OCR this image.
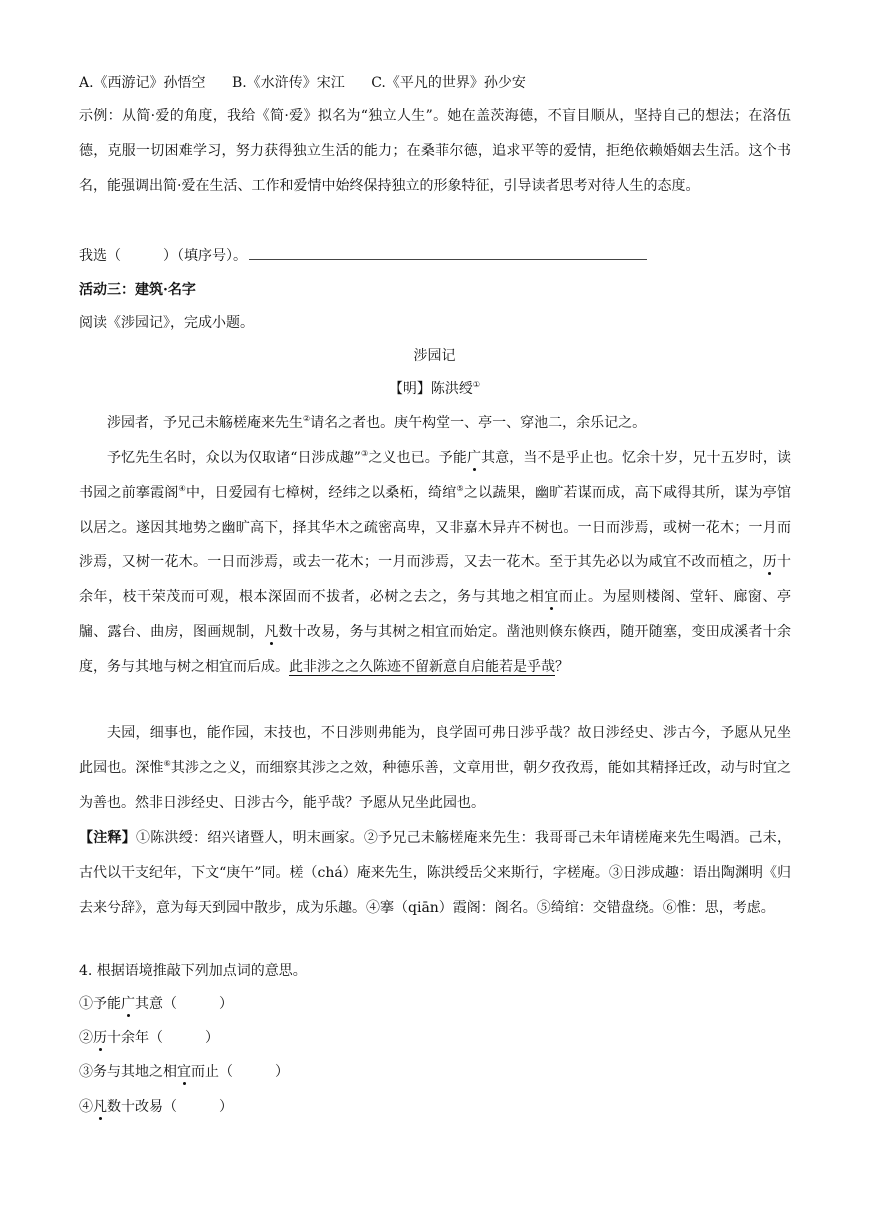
A.《西游记》孙悟空 B.《水浒传》宋江 C.《平凡的世界》孙少安
示例：从简·爱的角度，我给《简·爱》拟名为“独立人生”。她在盖茨海德，不盲目顺从，坚持自己的想法；在洛伍德，克服一切困难学习，努力获得独立生活的能力；在桑菲尔德，追求平等的爱情，拒绝依赖婚姻去生活。这个书名，能强调出简·爱在生活、工作和爱情中始终保持独立的形象特征，引导读者思考对待人生的态度。
我选（	）（填序号）。
活动三：建筑·名字
阅读《涉园记》，完成小题。
涉园记
【明】陈洪绶①
涉园者，予兄己未觞槎庵来先生②请名之者也。庚午构堂一、亭一、穿池二，余乐记之。
予忆先生名时，众以为仅取诸“日涉成趣”③之义也已。予能广其意，当不是乎止也。忆余十岁，兄十五岁时，读书园之前搴霞阁④中，日爱园有七樟树，经纬之以桑柘，绮绾⑤之以蔬果，幽旷若谋而成，高下咸得其所，谋为亭馆以居之。遂因其地势之幽旷高下，择其华木之疏密高卑，又非嘉木异卉不树也。一日而涉焉，或树一花木；一月而涉焉，又树一花木。一日而涉焉，或去一花木；一月而涉焉，又去一花木。至于其先必以为咸宜不改而植之，历十余年，枝干荣茂而可观，根本深固而不拔者，必树之去之，务与其地之相宜而止。为屋则楼阁、堂轩、廊窗、亭牖、露台、曲房，图画规制，凡数十改易，务与其树之相宜而始定。凿池则倏东倏西，随开随塞，变田成溪者十余度，务与其地与树之相宜而后成。此非涉之之久陈迹不留新意自启能若是乎哉？
夫园，细事也，能作园，末技也，不日涉则弗能为，良学固可弗日涉乎哉？故日涉经史、涉古今，予愿从兄坐此园也。深惟⑥其涉之之义，而细察其涉之之效，种德乐善，文章用世，朝夕孜孜焉，能如其精择迁改，动与时宜之为善也。然非日涉经史、日涉古今，能乎哉？予愿从兄坐此园也。
【注释】①陈洪绶：绍兴诸暨人，明末画家。②予兄己未觞槎庵来先生：我哥哥己未年请槎庵来先生喝酒。己未，古代以干支纪年，下文“庚午”同。槎（chá）庵来先生，陈洪绶岳父来斯行，字槎庵。③日涉成趣：语出陶渊明《归去来兮辞》，意为每天到园中散步，成为乐趣。④搴（qiān）霞阁：阁名。⑤绮绾：交错盘绕。⑥惟：思，考虑。
4. 根据语境推敲下列加点词的意思。
①予能广其意（	）
②历十余年（	）
③务与其地之相宜而止（	）
④凡数十改易（	）
